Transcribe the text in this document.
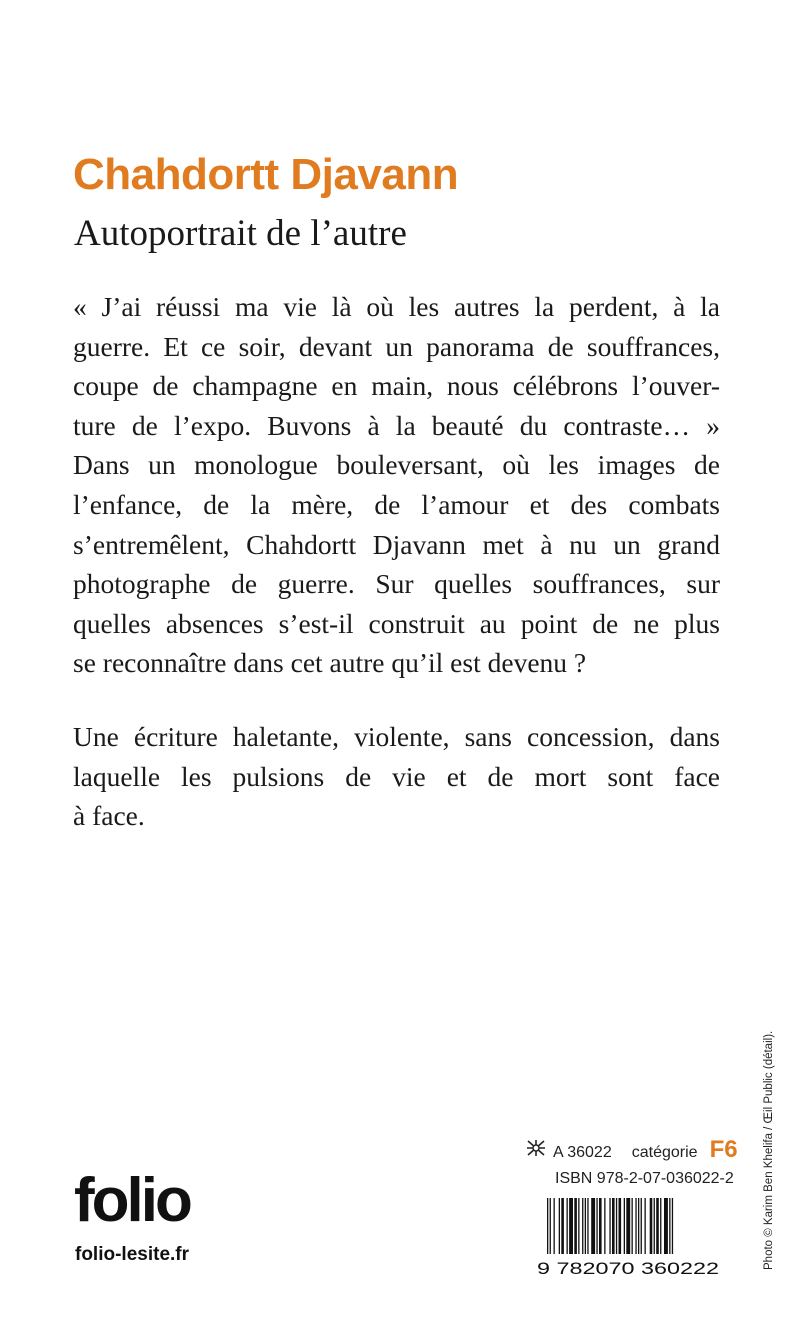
Chahdortt Djavann
Autoportrait de l’autre
« J’ai réussi ma vie là où les autres la perdent, à la
guerre. Et ce soir, devant un panorama de souffrances,
coupe de champagne en main, nous célébrons l’ouver-
ture de l’expo. Buvons à la beauté du contraste… »
Dans un monologue bouleversant, où les images de
l’enfance, de la mère, de l’amour et des combats
s’entremêlent, Chahdortt Djavann met à nu un grand
photographe de guerre. Sur quelles souffrances, sur
quelles absences s’est-il construit au point de ne plus
se reconnaître dans cet autre qu’il est devenu ?
Une écriture haletante, violente, sans concession, dans
laquelle les pulsions de vie et de mort sont face
à face.
folio
folio-lesite.fr
A 36022 catégorie F6
ISBN 978-2-07-036022-2
9 782070 360222	Photo © Karim Ben Khelifa / Œil Public (détail).
